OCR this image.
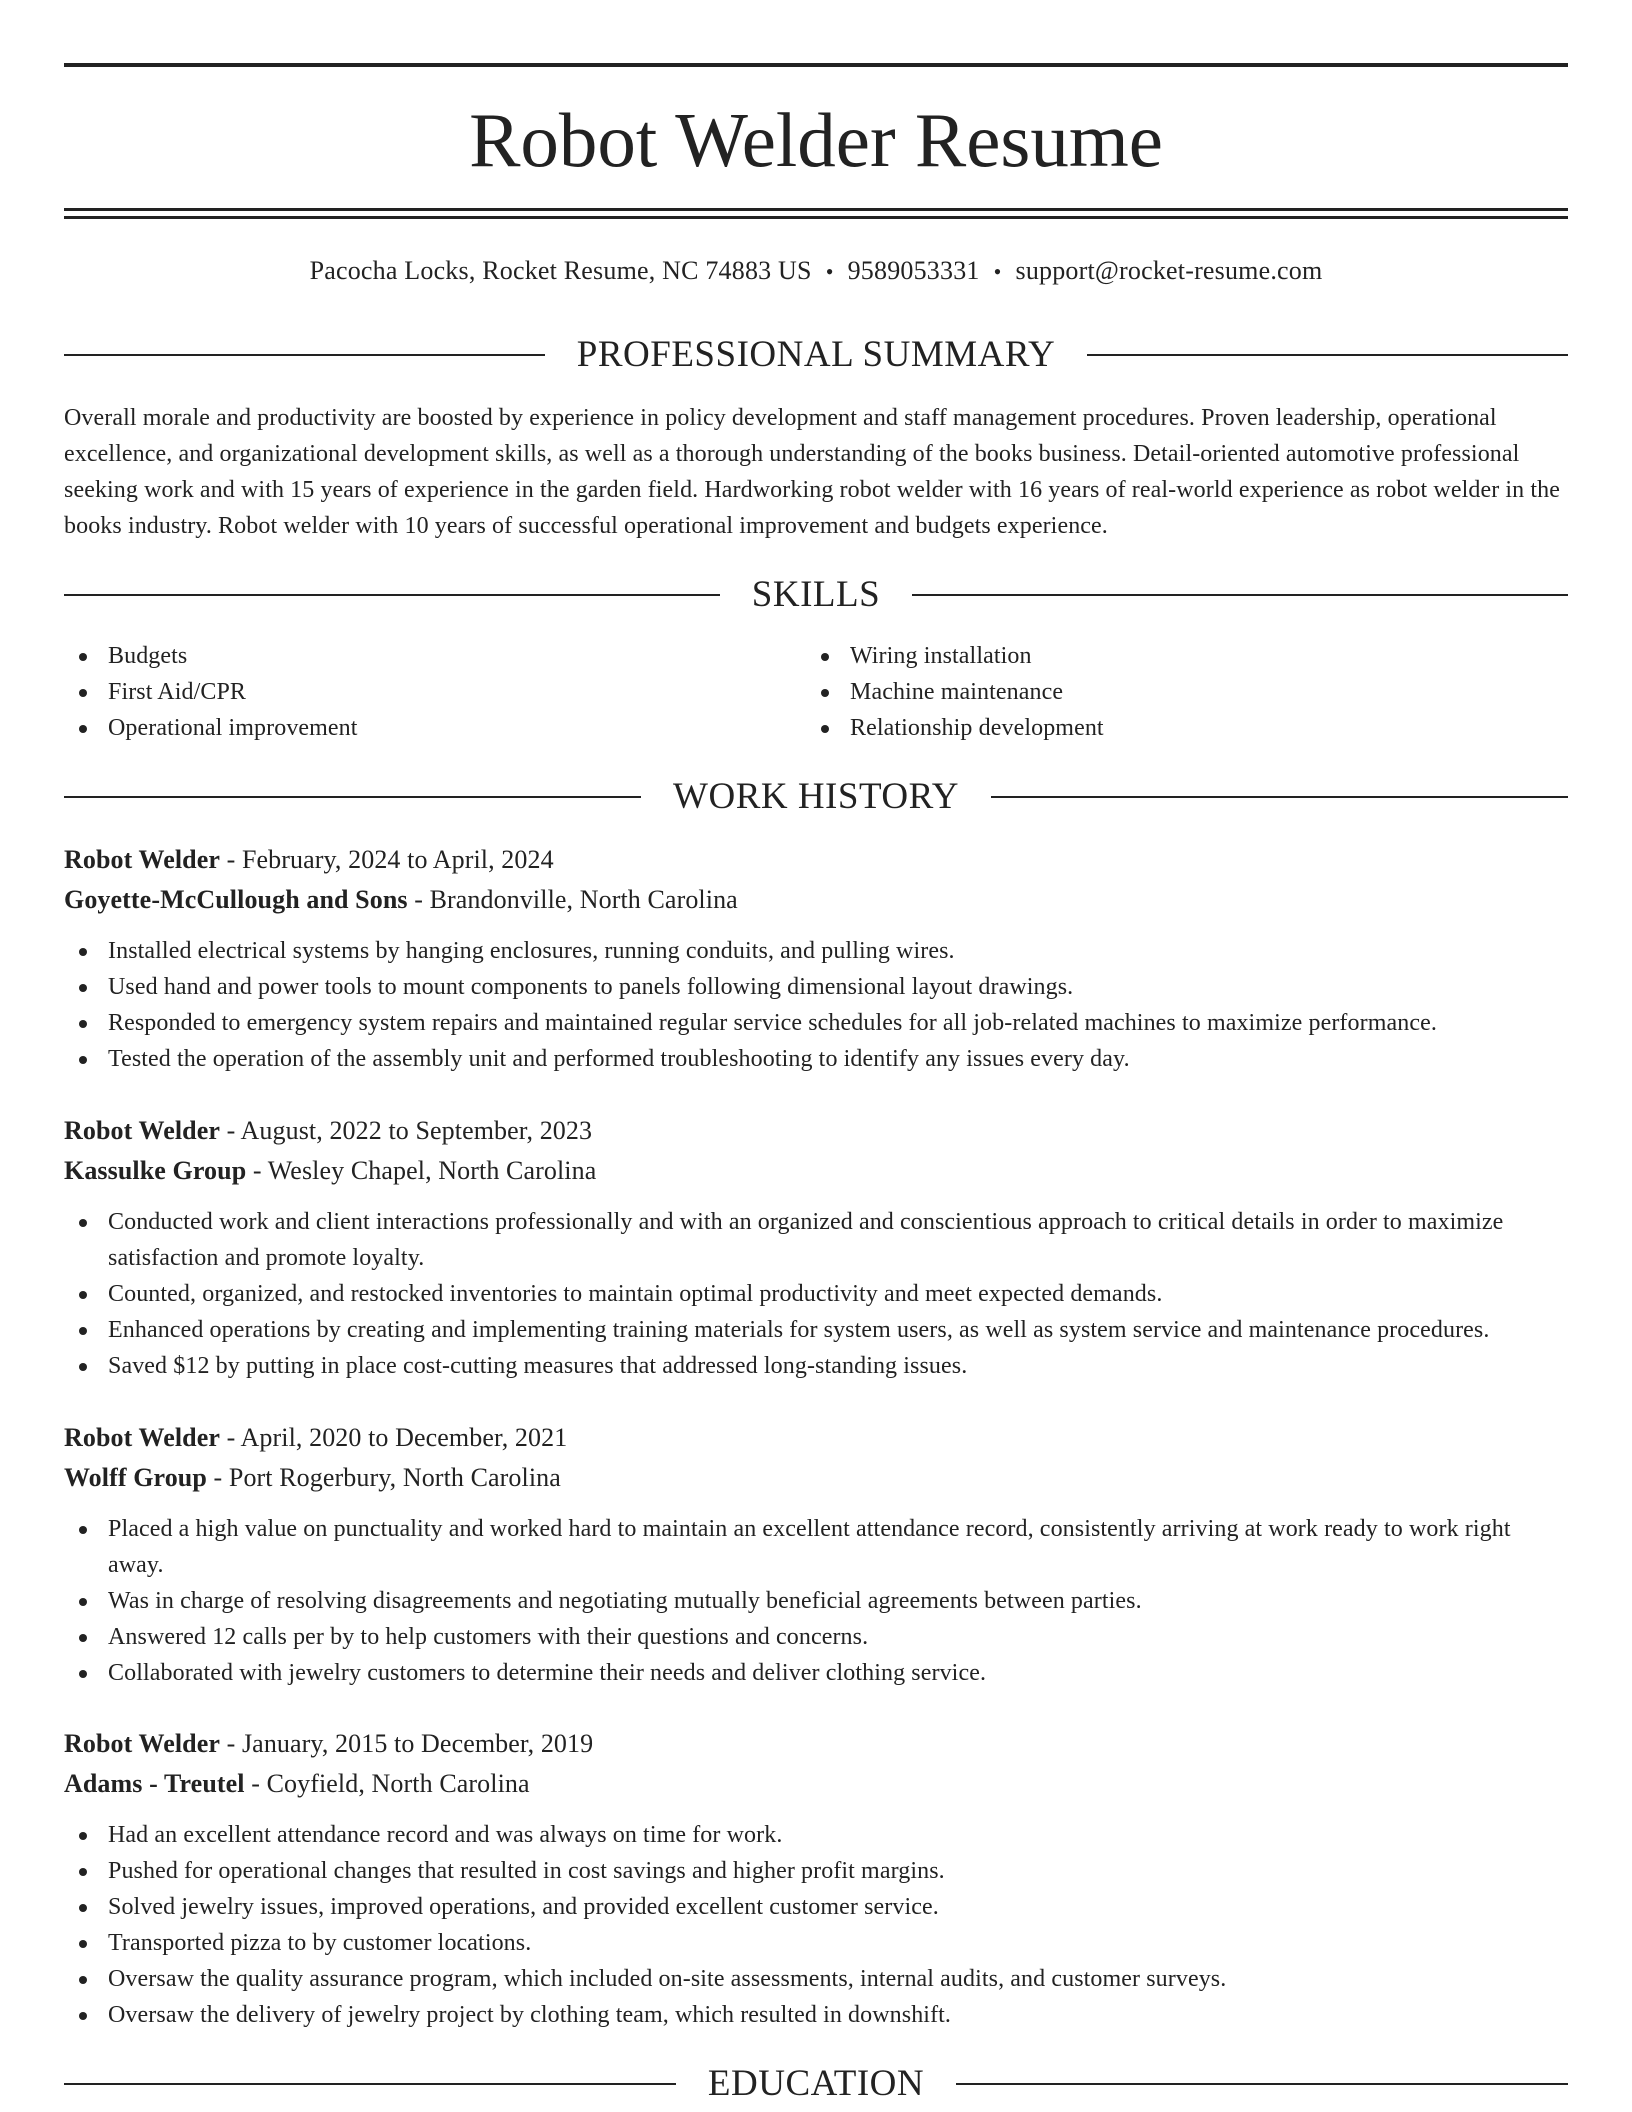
Robot Welder Resume
Pacocha Locks, Rocket Resume, NC 74883 US • 9589053331 • support@rocket-resume.com
PROFESSIONAL SUMMARY

Overall morale and productivity are boosted by experience in policy development and staff management procedures. Proven leadership, operational excellence, and organizational development skills, as well as a thorough understanding of the books business. Detail-oriented automotive professional seeking work and with 15 years of experience in the garden field. Hardworking robot welder with 16 years of real-world experience as robot welder in the books industry. Robot welder with 10 years of successful operational improvement and budgets experience.

SKILLS
Budgets
First Aid/CPR
Operational improvement
Wiring installation
Machine maintenance
Relationship development
WORK HISTORY
Robot Welder - February, 2024 to April, 2024
Goyette-McCullough and Sons - Brandonville, North Carolina
Installed electrical systems by hanging enclosures, running conduits, and pulling wires.
Used hand and power tools to mount components to panels following dimensional layout drawings.
Responded to emergency system repairs and maintained regular service schedules for all job-related machines to maximize performance.
Tested the operation of the assembly unit and performed troubleshooting to identify any issues every day.
Robot Welder - August, 2022 to September, 2023
Kassulke Group - Wesley Chapel, North Carolina
Conducted work and client interactions professionally and with an organized and conscientious approach to critical details in order to maximize satisfaction and promote loyalty.
Counted, organized, and restocked inventories to maintain optimal productivity and meet expected demands.
Enhanced operations by creating and implementing training materials for system users, as well as system service and maintenance procedures.
Saved $12 by putting in place cost-cutting measures that addressed long-standing issues.
Robot Welder - April, 2020 to December, 2021
Wolff Group - Port Rogerbury, North Carolina
Placed a high value on punctuality and worked hard to maintain an excellent attendance record, consistently arriving at work ready to work right away.
Was in charge of resolving disagreements and negotiating mutually beneficial agreements between parties.
Answered 12 calls per by to help customers with their questions and concerns.
Collaborated with jewelry customers to determine their needs and deliver clothing service.
Robot Welder - January, 2015 to December, 2019
Adams - Treutel - Coyfield, North Carolina
Had an excellent attendance record and was always on time for work.
Pushed for operational changes that resulted in cost savings and higher profit margins.
Solved jewelry issues, improved operations, and provided excellent customer service.
Transported pizza to by customer locations.
Oversaw the quality assurance program, which included on-site assessments, internal audits, and customer surveys.
Oversaw the delivery of jewelry project by clothing team, which resulted in downshift.
EDUCATION
